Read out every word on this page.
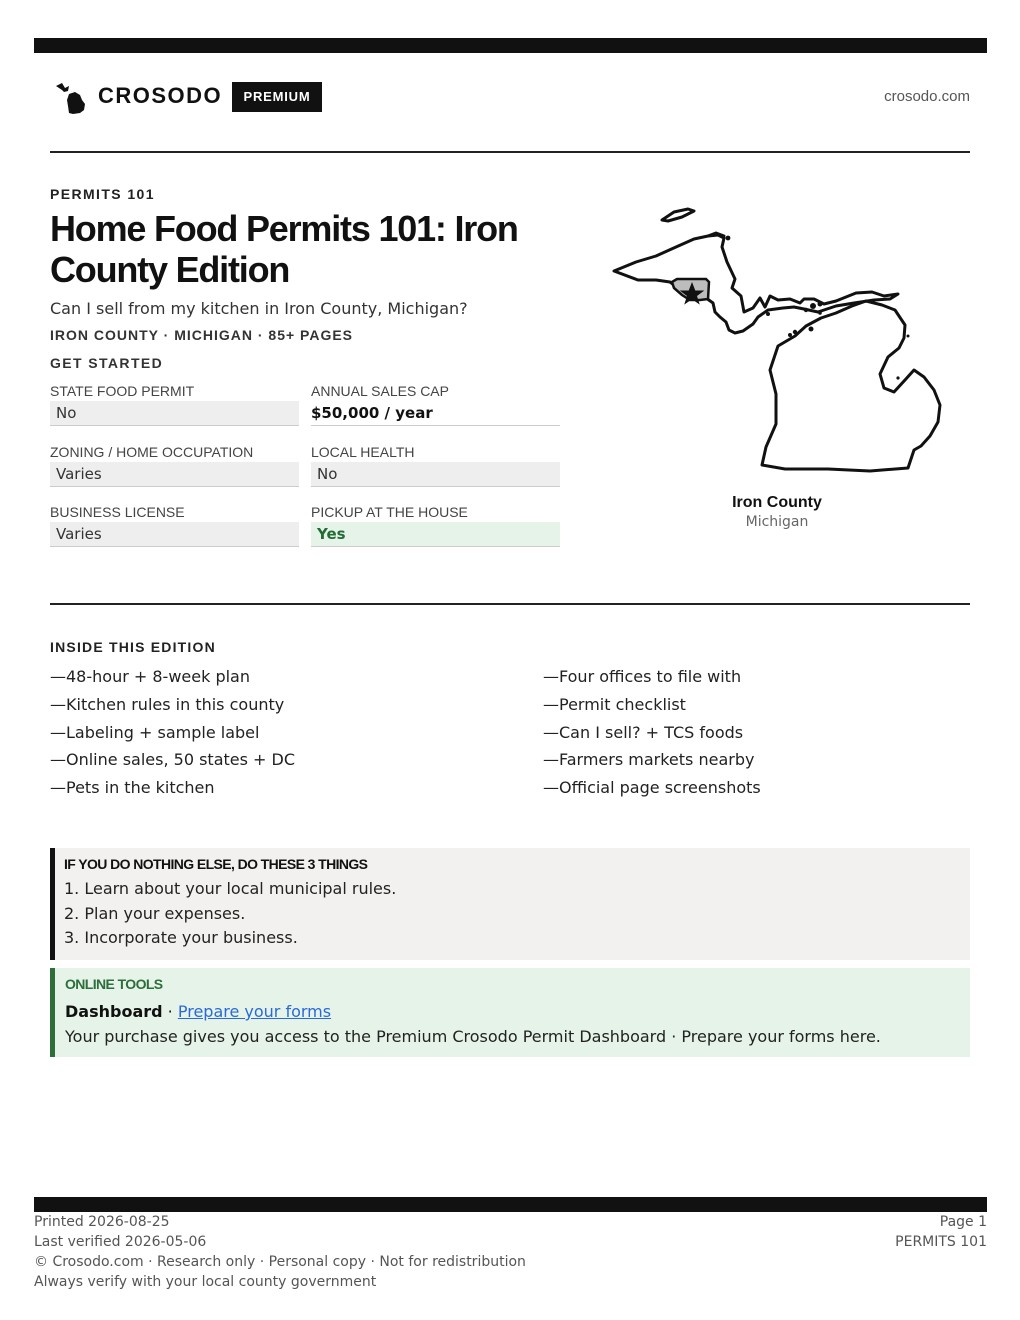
CROSODO	PREMIUM	crosodo.com
PERMITS 101
Home Food Permits 101: Iron County Edition
Can I sell from my kitchen in Iron County, Michigan?
IRON COUNTY · MICHIGAN · 85+ PAGES
GET STARTED
STATE FOOD PERMIT
No
ANNUAL SALES CAP
$50,000 / year
ZONING / HOME OCCUPATION
Varies
LOCAL HEALTH
No
BUSINESS LICENSE
Varies
PICKUP AT THE HOUSE
Yes
Iron County
Michigan
INSIDE THIS EDITION
—48-hour + 8-week plan
—Kitchen rules in this county
—Labeling + sample label
—Online sales, 50 states + DC
—Pets in the kitchen
—Four offices to file with
—Permit checklist
—Can I sell? + TCS foods
—Farmers markets nearby
—Official page screenshots
IF YOU DO NOTHING ELSE, DO THESE 3 THINGS
1. Learn about your local municipal rules.
2. Plan your expenses.
3. Incorporate your business.
ONLINE TOOLS
Dashboard · Prepare your forms
Your purchase gives you access to the Premium Crosodo Permit Dashboard · Prepare your forms here.
Printed 2026-08-25
Last verified 2026-05-06
© Crosodo.com · Research only · Personal copy · Not for redistribution
Always verify with your local county government
Page 1
PERMITS 101
